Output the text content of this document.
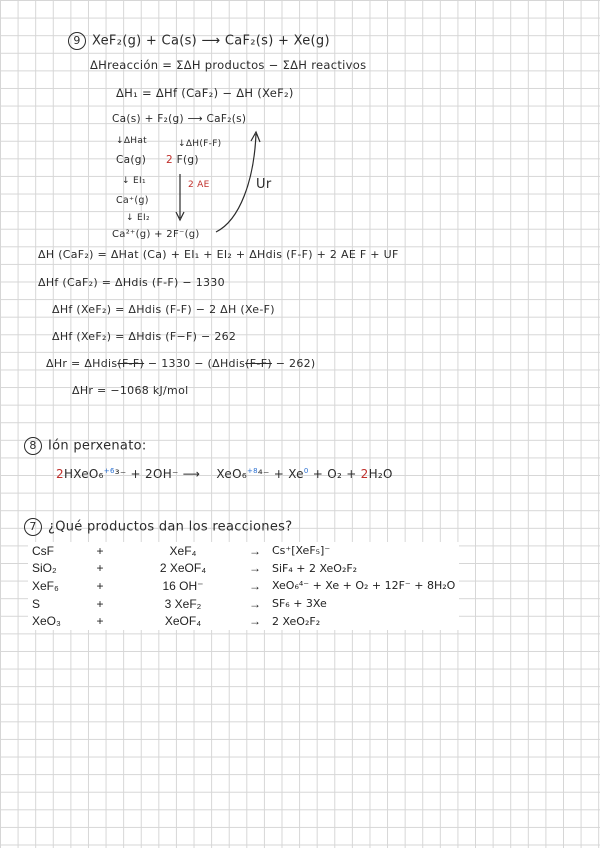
9 XeF₂(g) + Ca(s) ⟶ CaF₂(s) + Xe(g)
ΔHreacción = ΣΔH productos − ΣΔH reactivos
ΔH₁ = ΔHf (CaF₂) − ΔH (XeF₂)
Ca(s) + F₂(g) ⟶ CaF₂(s)
↓ΔHat	↓ΔH(F-F)
Ca(g) 2 F(g)
↓ EI₁	2 AE	Ur
Ca⁺(g)
↓ EI₂
Ca²⁺(g) + 2F⁻(g)
ΔH (CaF₂) = ΔHat (Ca) + EI₁ + EI₂ + ΔHdis (F-F) + 2 AE F + UF
ΔHf (CaF₂) = ΔHdis (F-F) − 1330
ΔHf (XeF₂) = ΔHdis (F-F) − 2 ΔH (Xe-F)
ΔHf (XeF₂) = ΔHdis (F−F) − 262
ΔHr = ΔHdis(F-F) − 1330 − (ΔHdis(F-F) − 262)
ΔHr = −1068 kJ/mol
8 Ión perxenato:
2HXeO₆$^{+6}$³⁻ + 2OH⁻ ⟶ $XeO_6^{+8}^{4-} + Xe^0 + O_2 + 2H_2O$
7 ¿Qué productos dan los reacciones?
CsF	+	XeF₄	→	Cs⁺[XeF₅]⁻
SiO₂	+	2 XeOF₄	→	SiF₄ + 2 XeO₂F₂
XeF₆	+	16 OH⁻	→	XeO₆⁴⁻ + Xe + O₂ + 12F⁻ + 8H₂O
S	+	3 XeF₂	→	SF₆ + 3Xe
XeO₃	+	XeOF₄	→	2 XeO₂F₂
